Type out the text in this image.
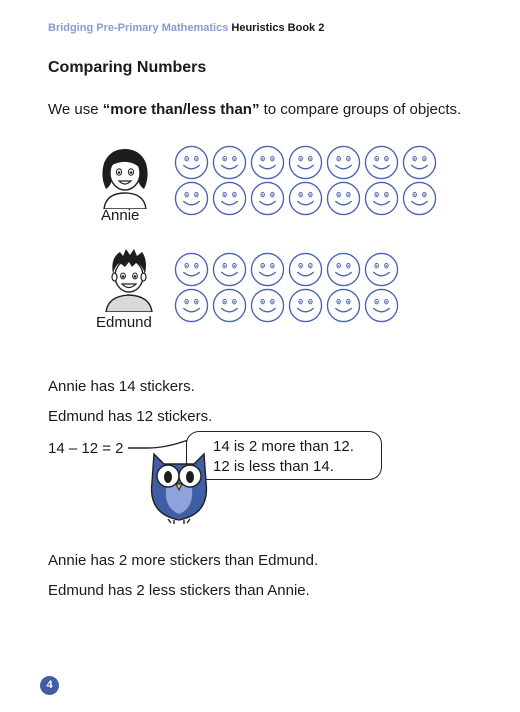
Bridging Pre-Primary Mathematics Heuristics Book 2
Comparing Numbers
We use “more than/less than” to compare groups of objects.
Annie
Edmund
Annie has 14 stickers.
Edmund has 12 stickers.
14 – 12 = 2	14 is 2 more than 12.
12 is less than 14.
Annie has 2 more stickers than Edmund.
Edmund has 2 less stickers than Annie.
4
